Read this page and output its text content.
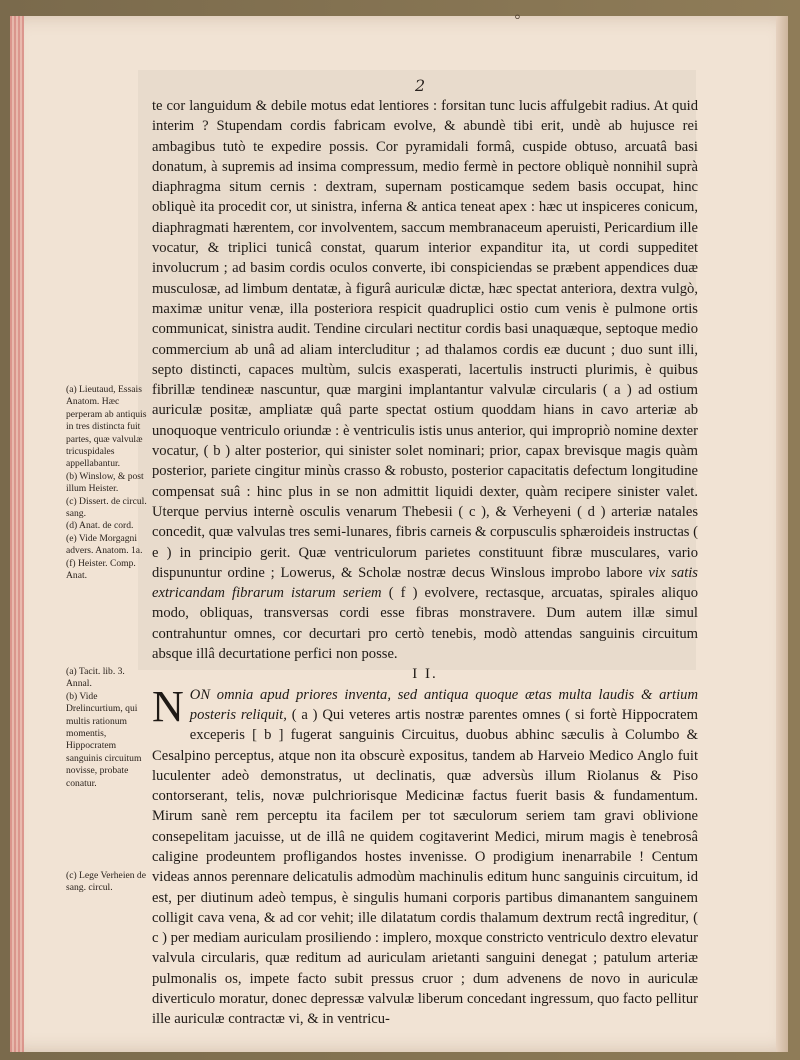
⸰
2

te cor languidum & debile motus edat lentiores : forsitan tunc lucis affulgebit radius. At quid interim ? Stupendam cordis fabricam evolve, & abundè tibi erit, undè ab hujusce rei ambagibus tutò te expedire possis. Cor pyramidali formâ, cuspide obtuso, arcuatâ basi donatum, à supremis ad insima compressum, medio fermè in pectore obliquè nonnihil suprà diaphragma situm cernis : dextram, supernam posticamque sedem basis occupat, hinc obliquè ita procedit cor, ut sinistra, inferna & antica teneat apex : hæc ut inspiceres conicum, diaphragmati hærentem, cor involventem, saccum membranaceum aperuisti, Pericardium ille vocatur, & triplici tunicâ constat, quarum interior expanditur ita, ut cordi suppeditet involucrum ; ad basim cordis oculos converte, ibi conspiciendas se præbent appendices duæ musculosæ, ad limbum dentatæ, à figurâ auriculæ dictæ, hæc spectat anteriora, dextra vulgò, maximæ unitur venæ, illa posteriora respicit quadruplici ostio cum venis è pulmone ortis communicat, sinistra audit. Tendine circulari nectitur cordis basi unaquæque, septoque medio commercium ab unâ ad aliam intercluditur ; ad thalamos cordis eæ ducunt ; duo sunt illi, septo distincti, capaces multùm, sulcis exasperati, lacertulis instructi plurimis, è quibus fibrillæ tendineæ nascuntur, quæ margini implantantur valvulæ circularis ( a ) ad ostium auriculæ positæ, ampliatæ quâ parte spectat ostium quoddam hians in cavo arteriæ ab unoquoque ventriculo oriundæ : è ventriculis istis unus anterior, qui impropriò nomine dexter vocatur, ( b ) alter posterior, qui sinister solet nominari; prior, capax brevisque magis quàm posterior, pariete cingitur minùs crasso & robusto, posterior capacitatis defectum longitudine compensat suâ : hinc plus in se non admittit liquidi dexter, quàm recipere sinister valet. Uterque pervius internè osculis venarum Thebesii ( c ), & Verheyeni ( d ) arteriæ natales concedit, quæ valvulas tres semi-lunares, fibris carneis & corpusculis sphæroideis instructas ( e ) in principio gerit. Quæ ventriculorum parietes constituunt fibræ musculares, vario dispununtur ordine ; Lowerus, & Scholæ nostræ decus Winslous improbo labore vix satis extricandam fibrarum istarum seriem ( f ) evolvere, rectasque, arcuatas, spirales aliquo modo, obliquas, transversas cordi esse fibras monstravere. Dum autem illæ simul contrahuntur omnes, cor decurtari pro certò tenebis, modò attendas sanguinis circuitum absque illâ decurtatione perfici non posse.

I I.

NON omnia apud priores inventa, sed antiqua quoque ætas multa laudis & artium posteris reliquit, ( a ) Qui veteres artis nostræ parentes omnes ( si fortè Hippocratem exceperis [ b ] fugerat sanguinis Circuitus, duobus abhinc sæculis à Columbo & Cesalpino perceptus, atque non ita obscurè expositus, tandem ab Harveio Medico Anglo fuit luculenter adeò demonstratus, ut declinatis, quæ adversùs illum Riolanus & Piso contorserant, telis, novæ pulchriorisque Medicinæ factus fuerit basis & fundamentum. Mirum sanè rem perceptu ita facilem per tot sæculorum seriem tam gravi oblivione consepelitam jacuisse, ut de illâ ne quidem cogitaverint Medici, mirum magis è tenebrosâ caligine prodeuntem profligandos hostes invenisse. O prodigium inenarrabile ! Centum videas annos perennare delicatulis admodùm machinulis editum hunc sanguinis circuitum, id est, per diutinum adeò tempus, è singulis humani corporis partibus dimanantem sanguinem colligit cava vena, & ad cor vehit; ille dilatatum cordis thalamum dextrum rectâ ingreditur, ( c ) per mediam auriculam prosiliendo : implero, moxque constricto ventriculo dextro elevatur valvula circularis, quæ reditum ad auriculam arietanti sanguini denegat ; patulum arteriæ pulmonalis os, impete facto subit pressus cruor ; dum advenens de novo in auriculæ diverticulo moratur, donec depressæ valvulæ liberum concedant ingressum, quo facto pellitur ille auriculæ contractæ vi, & in ventricu-

(a) Lieutaud, Essais Anatom. Hæc perperam ab antiquis in tres distincta fuit partes, quæ valvulæ tricuspidales appellabantur.

(b) Winslow, & post illum Heister.

(c) Dissert. de circul. sang.

(d) Anat. de cord.

(e) Vide Morgagni advers. Anatom. 1a.

(f) Heister. Comp. Anat.

(a) Tacit. lib. 3. Annal.

(b) Vide Drelincurtium, qui multis rationum momentis, Hippocratem sanguinis circuitum novisse, probate conatur.

(c) Lege Verheien de sang. circul.
